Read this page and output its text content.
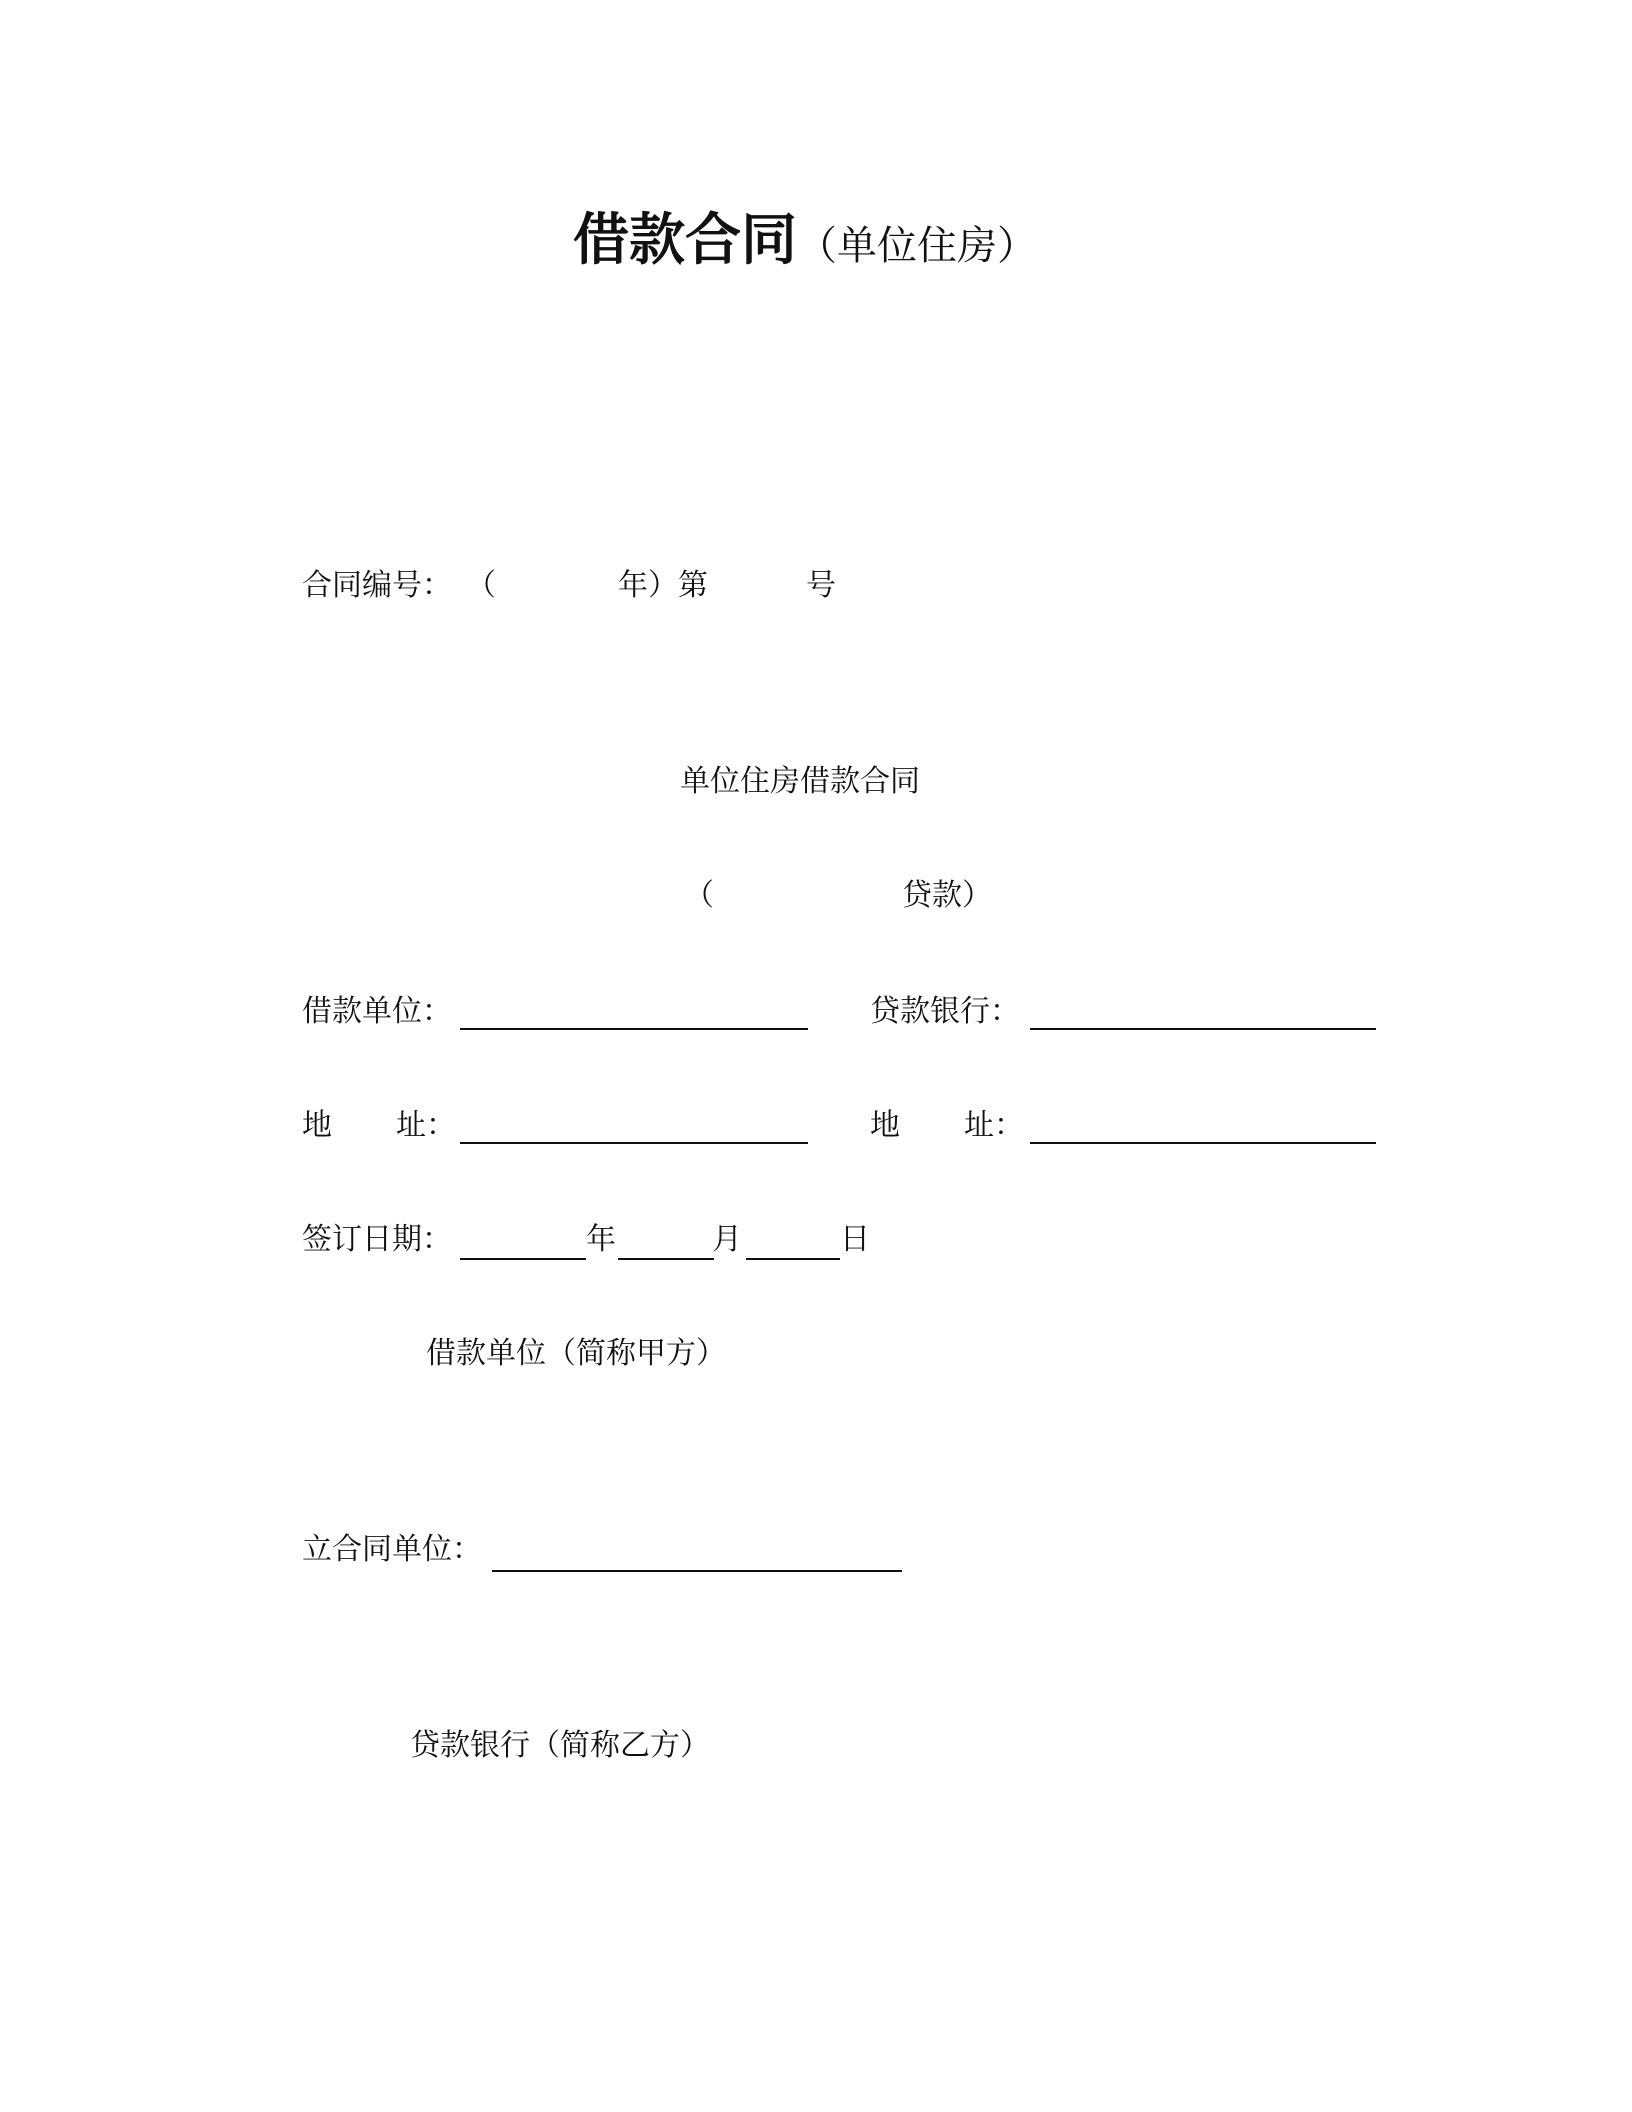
借款合同（单位住房）
合同编号： （	年）第	号
单位住房借款合同
（	贷款）
借款单位：	贷款银行：
地 址：	地 址：
签订日期：	年	月	日
借款单位（简称甲方）
立合同单位：
贷款银行（简称乙方）
